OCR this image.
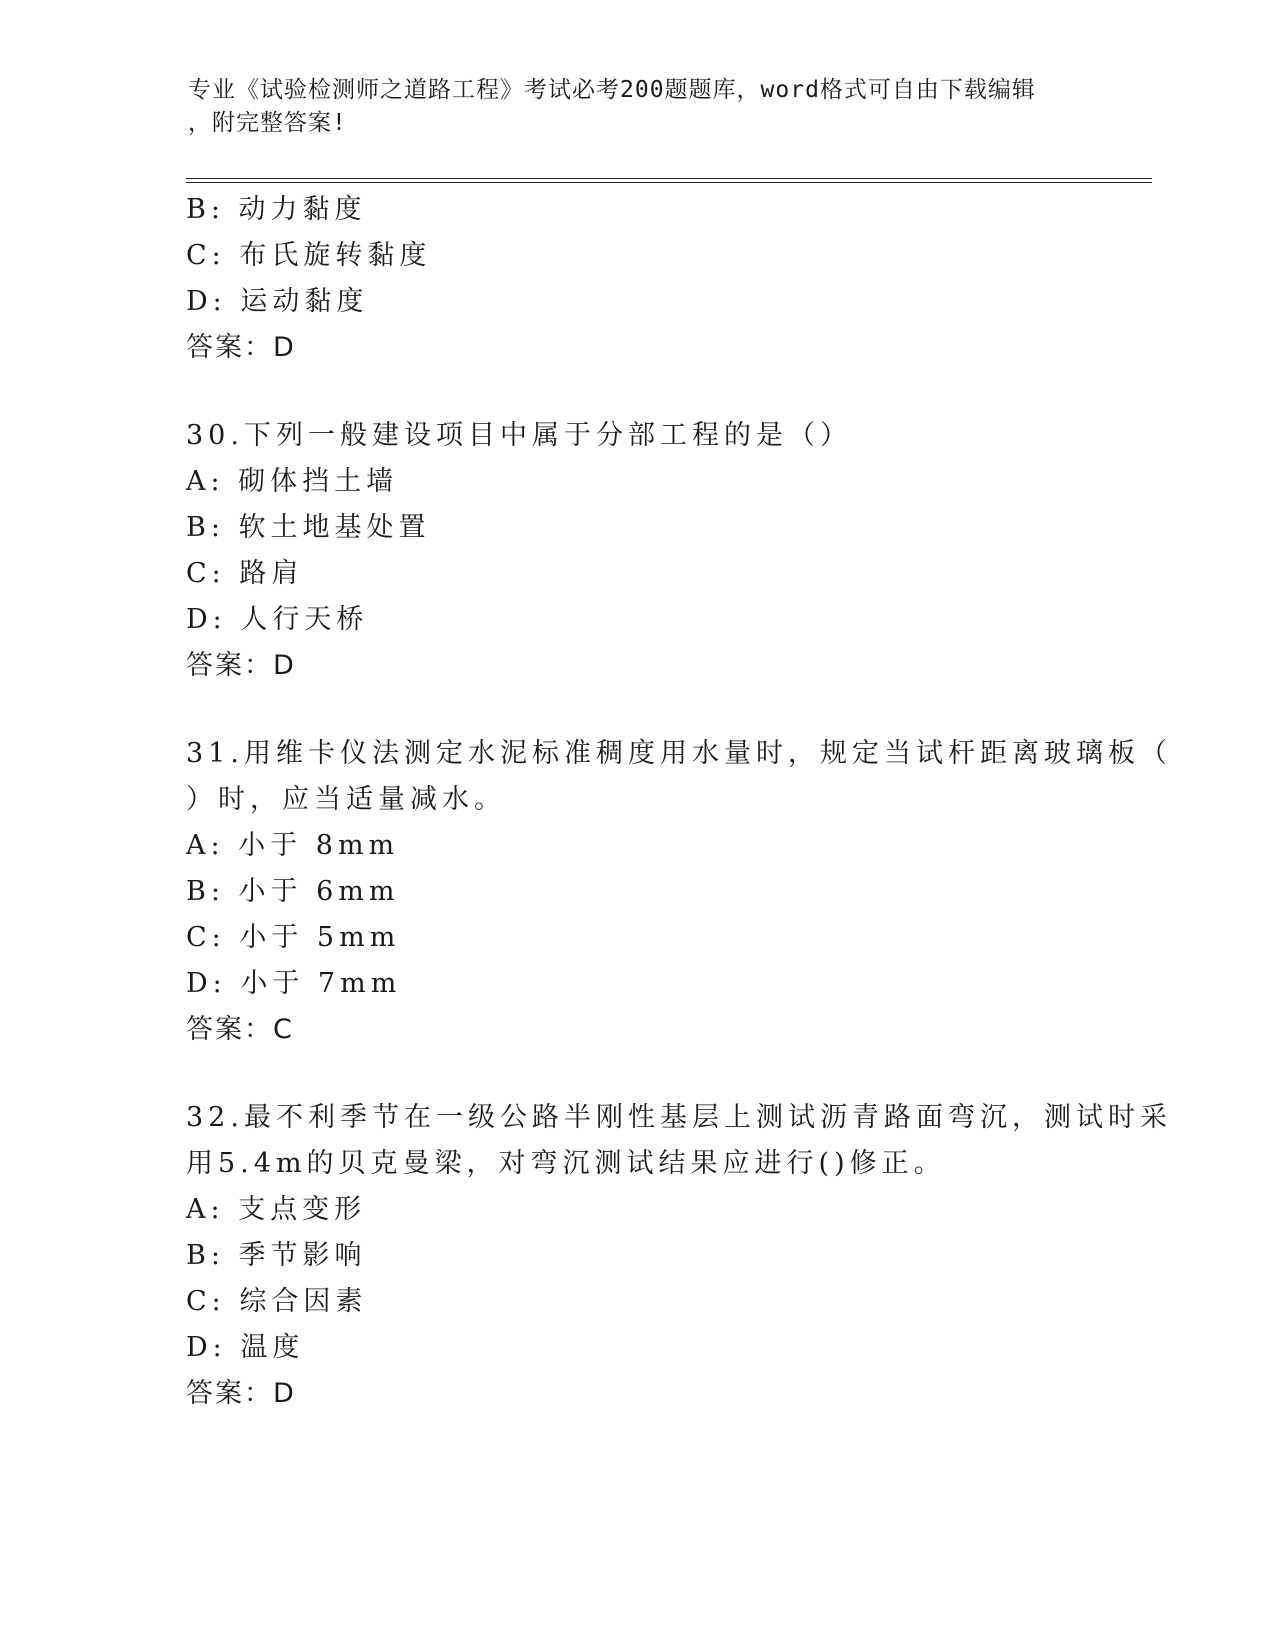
专业《试验检测师之道路工程》考试必考200题题库，word格式可自由下载编辑
，附完整答案!
B: 动力黏度
C: 布氏旋转黏度
D: 运动黏度
答案：D
30.下列一般建设项目中属于分部工程的是（）
A: 砌体挡土墙
B: 软土地基处置
C: 路肩
D: 人行天桥
答案：D
31.用维卡仪法测定水泥标准稠度用水量时，规定当试杆距离玻璃板（
）时，应当适量减水。
A: 小于 8mm
B: 小于 6mm
C: 小于 5mm
D: 小于 7mm
答案：C
32.最不利季节在一级公路半刚性基层上测试沥青路面弯沉，测试时采
用5.4m的贝克曼梁，对弯沉测试结果应进行()修正。
A: 支点变形
B: 季节影响
C: 综合因素
D: 温度
答案：D
